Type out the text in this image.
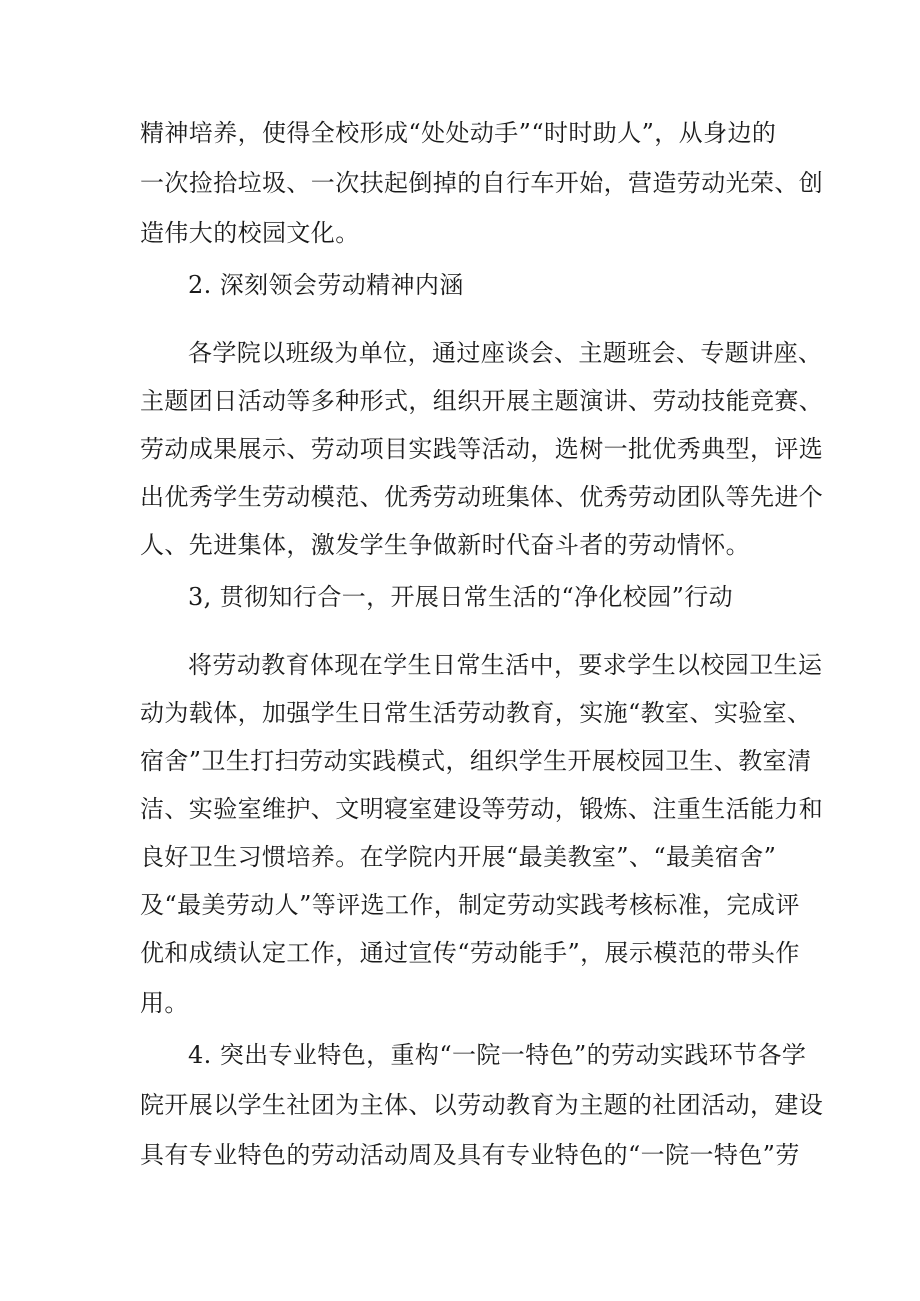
精神培养，使得全校形成“处处动手”“时时助人”，从身边的
一次捡拾垃圾、一次扶起倒掉的自行车开始，营造劳动光荣、创
造伟大的校园文化。
2. 深刻领会劳动精神内涵
各学院以班级为单位，通过座谈会、主题班会、专题讲座、
主题团日活动等多种形式，组织开展主题演讲、劳动技能竞赛、
劳动成果展示、劳动项目实践等活动，选树一批优秀典型，评选
出优秀学生劳动模范、优秀劳动班集体、优秀劳动团队等先进个
人、先进集体，激发学生争做新时代奋斗者的劳动情怀。
3, 贯彻知行合一，开展日常生活的“净化校园”行动
将劳动教育体现在学生日常生活中，要求学生以校园卫生运
动为载体，加强学生日常生活劳动教育，实施“教室、实验室、
宿舍”卫生打扫劳动实践模式，组织学生开展校园卫生、教室清
洁、实验室维护、文明寝室建设等劳动，锻炼、注重生活能力和
良好卫生习惯培养。在学院内开展“最美教室”、“最美宿舍”
及“最美劳动人”等评选工作，制定劳动实践考核标准，完成评
优和成绩认定工作，通过宣传“劳动能手”，展示模范的带头作
用。
4. 突出专业特色，重构“一院一特色”的劳动实践环节各学
院开展以学生社团为主体、以劳动教育为主题的社团活动，建设
具有专业特色的劳动活动周及具有专业特色的“一院一特色”劳
